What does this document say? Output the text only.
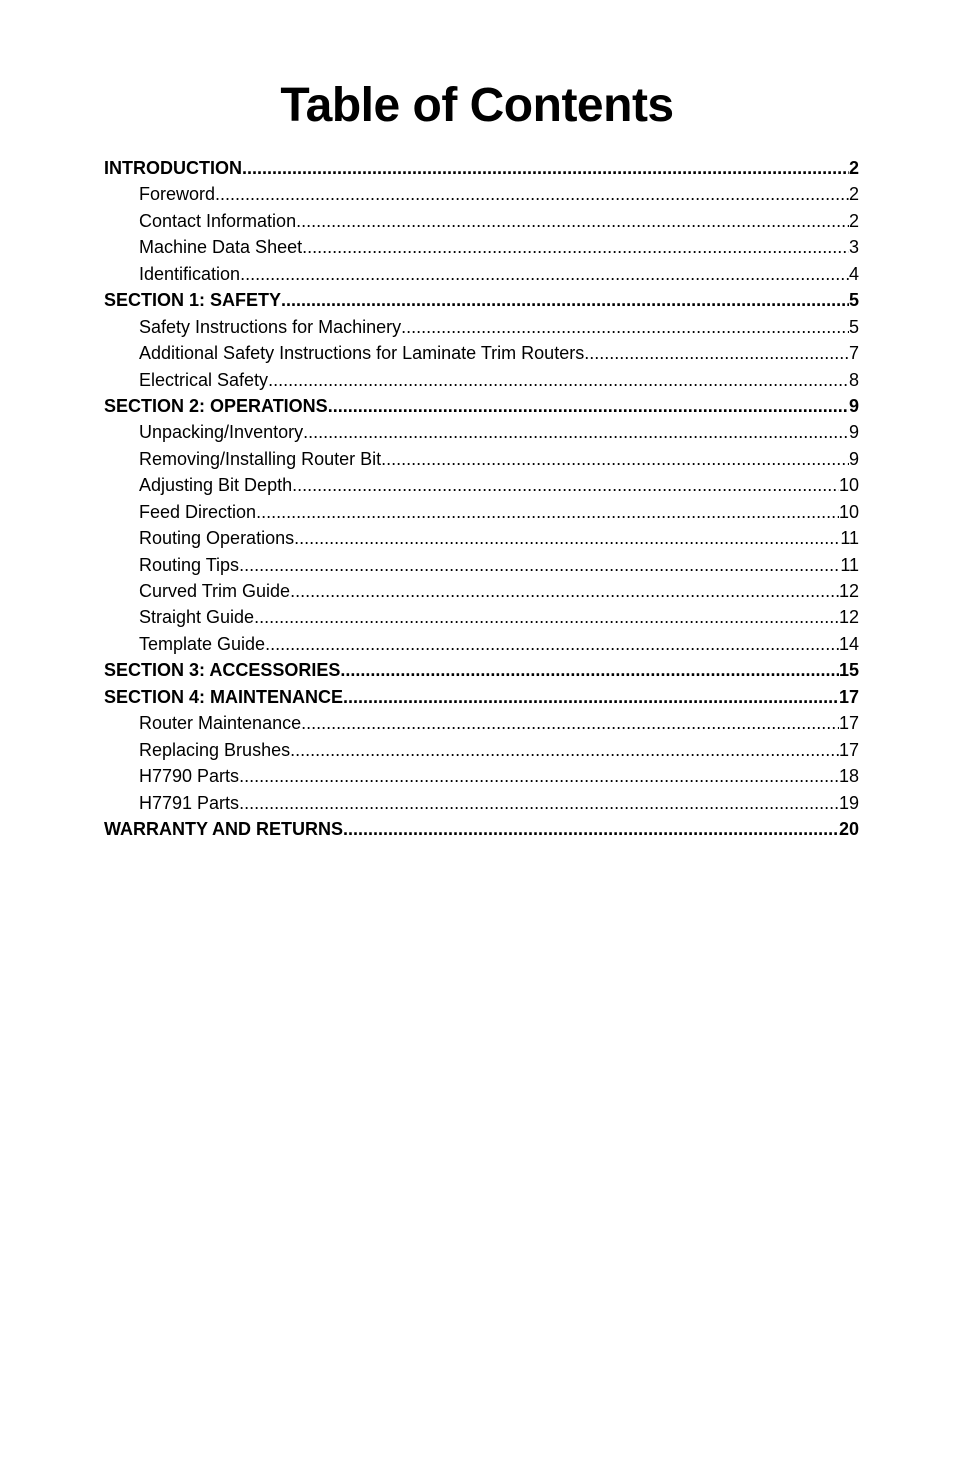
Table of Contents
INTRODUCTION .....	2
Foreword .....	2
Contact Information .....	2
Machine Data Sheet .....	3
Identification .....	4
SECTION 1: SAFETY .....	5
Safety Instructions for Machinery .....	5
Additional Safety Instructions for Laminate Trim Routers .....	7
Electrical Safety .....	8
SECTION 2: OPERATIONS .....	9
Unpacking/Inventory .....	9
Removing/Installing Router Bit .....	9
Adjusting Bit Depth .....	10
Feed Direction .....	10
Routing Operations .....	11
Routing Tips .....	11
Curved Trim Guide .....	12
Straight Guide .....	12
Template Guide .....	14
SECTION 3: ACCESSORIES .....	15
SECTION 4: MAINTENANCE .....	17
Router Maintenance .....	17
Replacing Brushes .....	17
H7790 Parts .....	18
H7791 Parts .....	19
WARRANTY AND RETURNS .....	20
